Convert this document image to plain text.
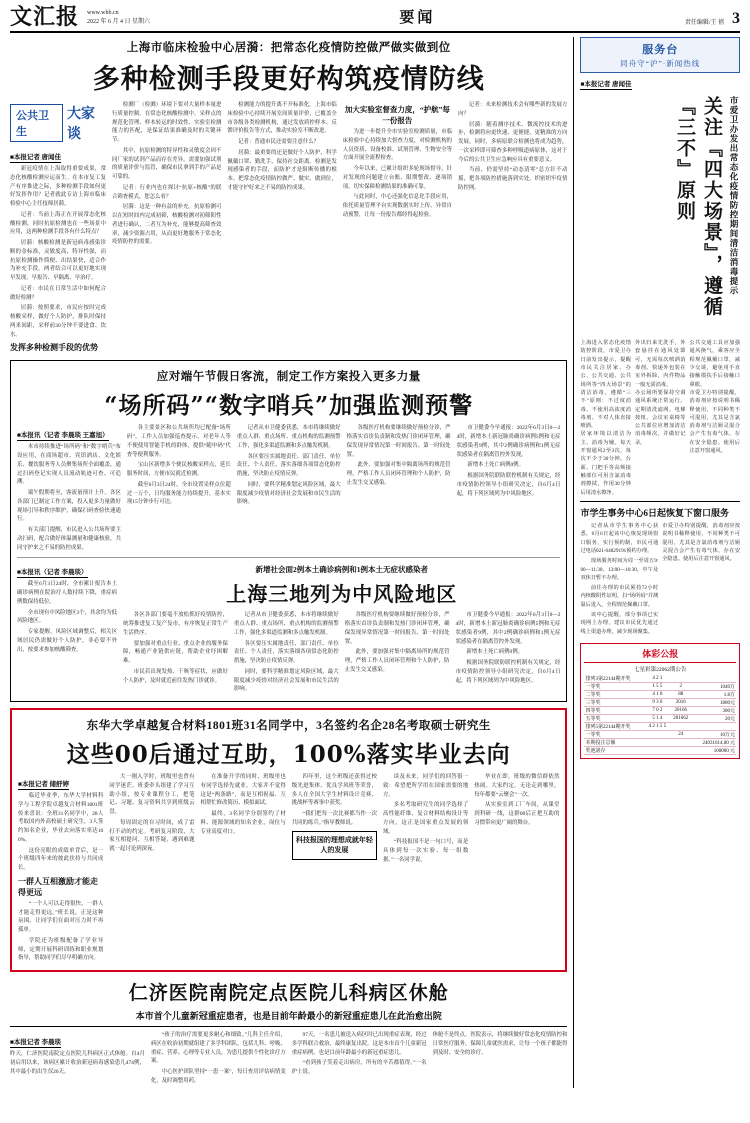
文汇报 www.whb.cn
2022 年 6 月 4 日 星期六	要闻	责任编辑/王 禧 3
上海市临床检验中心居漪：把常态化疫情防控做严做实做到位
多种检测手段更好构筑疫情防线
公共卫生
大家谈
■本报记者 唐闻佳

新冠疫情在上海取得重要成果，常态化核酸检测应运而生。在本市复工复产有序推进之际，多种检测手段如何更好发挥作用？记者就此专访上海市临床检验中心主任技师居漪。

记者：当前上海正在开展常态化核酸检测，同时抗原检测也在一些场景中应用，这两种检测手段各有什么特点？

居漪：核酸检测是新冠病毒感染诊断的金标准，灵敏度高、特异性强，而抗原检测操作简便、出结果快，适合作为补充手段。两者结合可以更好地实现早发现、早报告、早隔离、早治疗。

记者：市民在日常生活中如何配合做好检测？

居漪：按照要求，市民应按时完成核酸采样，做好个人防护，排队时保持两米间距，采样前30分钟不要进食、饮水。

发挥多种检测手段的优势

检测厂（检测）环境下要对大量样本量进行质量控制。在常态化核酸检测中，采样点的规范化管理、样本转运的时效性、实验室检测能力的匹配，是保证结果准确及时的关键环节。

其中，抗原检测的特异性和灵敏度会因不同厂家的试剂产品而存在差异，需要加强试剂的质量评价与监管，确保市民拿到手的产品是可靠的。

记者：行业内也在探讨“抗原+核酸”的联合筛查模式，您怎么看？

居漪：这是一种有益的补充。抗原检测可以在短时间内完成初筛，核酸检测对初筛阳性者进行确认，二者互为补充，能够提高筛查效率，减少资源占用，从而更好地服务于常态化疫情防控的需要。

检测能力的提升离不开标准化。上海市临床检验中心持续开展室间质量评价，已覆盖全市各级各类检测机构，通过发放质控样本、反馈评价报告等方式，推动实验室不断改进。

记者：普通市民还需要注意什么？

居漪：最重要的还是做好个人防护，科学佩戴口罩、勤洗手、保持社交距离。检测是发现感染者的手段，而防护才是阻断传播的根本。把常态化疫情防控做严、做实、做到位，才能守护好来之不易的防控成果。

加大实验室督查力度，“护航”每一份报告

为进一步提升全市实验室检测质量，市临床检验中心持续加大督查力度，对检测机构的人员资质、设备校准、试剂管理、生物安全等方面开展全流程检查。

今年以来，已累计组织多轮现场督导，针对发现的问题建立台账、限期整改、逐项销项，切实保障检测结果的准确可靠。

与此同时，中心还强化信息化手段应用，依托质量管理平台实现数据实时上传、异常自动预警，让每一份报告都经得起检验。

记者：未来检测技术会有哪些新的发展方向？

居漪：随着测序技术、微流控技术的进步，检测将向更快速、更便捷、更精准的方向发展。同时，多病原联合检测也将成为趋势，一次采样即可筛查多种呼吸道病原体，这对于今后的公共卫生应急响应具有重要意义。

当前，仍需坚持“动态清零”总方针不动摇，把各项防控措施落到实处，织密织牢疫情防控网。

应对端午节假日客流，制定工作方案投入更多力量
“场所码”“数字哨兵”加强监测预警
■本报讯（记者 李晨琰 王嘉旭）

本市持续推进“场所码”和“数字哨兵”布设应用，在商场超市、宾馆酒店、文化娱乐、餐饮服务等人员聚集场所全面覆盖，通过扫码登记实现人员流动轨迹可查、可追溯。

端午假期将至，客流量预计上升。各区各部门已制定工作方案，投入更多力量做好现场引导和秩序维护，确保扫码查验快速通行。

有关部门提醒，市民进入公共场所要主动扫码，配合做好体温测量和健康核验，共同守护来之不易的防控成果。

各主要景区和公共场所均已配备“场所码”，工作人员加强巡查提示，对老年人等不便使用智能手机的群体，提供“随申码”代查等便利服务。

宝山区新增多个便民核酸采样点，延长服务时间，方便市民就近检测。

截至6月3日24时，全市设置采样点位超过一万个，日均服务能力持续提升，基本实现15分钟步行可达。

记者从市卫健委获悉，本市将继续做好重点人群、重点场所、重点机构的监测预警工作，强化多渠道监测和多点触发机制。

各区要压实属地责任、部门责任、单位责任、个人责任，落实落细各项常态化防控措施，坚决防止疫情反弹。

同时，要科学精准划定风险区域，最大限度减少疫情对经济社会发展和市民生活的影响。

各级医疗机构要继续做好预检分诊，严格落实首诊负责制和发热门诊闭环管理，确保发现异常情况第一时间报告、第一时间处置。

此外，要加强对集中隔离场所的规范管理，严格工作人员闭环管理和个人防护，防止发生交叉感染。

市卫健委今早通报：2022年6月3日0—24时，新增本土新冠肺炎确诊病例5例和无症状感染者9例，其中2例确诊病例和1例无症状感染者在隔离管控外发现。

新增本土死亡病例0例。

根据国务院联防联控机制有关规定，经市疫情防控领导小组研究决定，自6月4日起，将下列区域列为中风险地区。

■本报讯（记者 李晨琰）

截至6月3日24时，全市累计报告本土确诊病例在院治疗人数持续下降，重症病例数保持低位。

全市现有中风险地区3个，其余均为低风险地区。

专家提醒，风险区域调整后，相关区域居民仍需做好个人防护，非必要不外出，按要求参加核酸筛查。

新增社会面2例本土确诊病例和1例本土无症状感染者
上海三地列为中风险地区

各区各部门要毫不放松抓好疫情防控，统筹推进复工复产复市，有序恢复正常生产生活秩序。

要加强对重点行业、重点企业的服务保障，畅通产业链供应链，帮助企业纾困解难。

市民若出现发热、干咳等症状，应做好个人防护，及时就近前往发热门诊就诊。

记者从市卫健委获悉，本市将继续做好重点人群、重点场所、重点机构的监测预警工作，强化多渠道监测和多点触发机制。

各区要压实属地责任、部门责任、单位责任、个人责任，落实落细各项常态化防控措施，坚决防止疫情反弹。

同时，要科学精准划定风险区域，最大限度减少疫情对经济社会发展和市民生活的影响。

各级医疗机构要继续做好预检分诊，严格落实首诊负责制和发热门诊闭环管理，确保发现异常情况第一时间报告、第一时间处置。

此外，要加强对集中隔离场所的规范管理，严格工作人员闭环管理和个人防护，防止发生交叉感染。

市卫健委今早通报：2022年6月3日0—24时，新增本土新冠肺炎确诊病例5例和无症状感染者9例，其中2例确诊病例和1例无症状感染者在隔离管控外发现。

新增本土死亡病例0例。

根据国务院联防联控机制有关规定，经市疫情防控领导小组研究决定，自6月4日起，将下列区域列为中风险地区。

东华大学卓越复合材料1801班31名同学中，3名签约名企28名考取硕士研究生
这些00后通过互助，100%落实毕业去向
■本报记者 储舒婷

临近毕业季，东华大学材料科学与工程学院卓越复合材料1801班传来喜讯：全班31名同学中，28人考取国内外高校硕士研究生，3人签约知名企业，毕业去向落实率达100%。

这份亮眼的成绩单背后，是一个班级四年来的彼此扶持与共同成长。

一群人互相激励才能走得更远

“一个人可以走得很快，一群人才能走得更远。”班长说，正是这种氛围，让同学们在面对压力时不再孤单。

学院还为班级配备了学业导师，定期开展科研训练和职业规划指导，帮助同学们尽早明确方向。

大一刚入学时，班级里也曾有同学迷茫。班委牵头组建了学习互助小组，按专业课程分工，把笔记、习题、复习资料共享到班级云盘。

每周固定的自习时间，成了雷打不动的约定。考研复习阶段，大家互相提问、互相答疑，遇到难题就一起讨论到深夜。

在准备升学的同时，班级里也有同学选择先就业。大家并不觉得这是“两条路”，而是互相祝福、互相帮忙修改简历、模拟面试。

最终，3名同学分别签约了材料、能源领域的知名企业，岗位与专业高度对口。

四年里，这个班级还获得过校级先进集体、优良学风班等荣誉，多人在全国大学生材料设计竞赛、挑战杯等赛事中获奖。

“我们把每一次比赛都当作一次共同的练兵。”指导教师说。

科技报国的理想成就年轻人的发展

谈及未来，同学们的回答很一致：希望把所学用在国家需要的地方。

多名考取研究生的同学选择了高性能纤维、复合材料结构设计等方向，这正是国家重点发展的领域。

“科技报国不是一句口号，而是具体到每一次实验、每一组数据。”一名同学说。

毕业在即，班级的微信群依然热闹。大家约定，无论走到哪里，每年都要“云聚会”一次。

从实验室到工厂车间，从课堂到科研一线，这群00后正把互助的习惯带向更广阔的舞台。

仁济医院南院定点医院儿科病区休舱
本市首个儿童新冠重症患者，也是目前年龄最小的新冠重症患儿在此治愈出院
■本报记者 李晨琰
昨天，仁济医院南院定点医院儿科病区正式休舱。自4月初启用以来，该病区累计收治新冠病毒感染患儿474例，其中最小的出生仅26天。

“孩子的治疗需要更多耐心和细致。”儿科主任介绍，病区在收治初期就组建了多学科团队，包括儿科、呼吸、重症、营养、心理等专业人员，为患儿提供个性化诊疗方案。

中心医护团队坚持“一患一案”，每日查房评估病情变化，及时调整用药。

97天，一名患儿被送入病区时已出现重症表现，经过多学科联合救治，最终康复出院。这是本市首个儿童新冠重症病例，也是目前年龄最小的新冠重症患儿。

“看到孩子笑着走出病房，所有的辛苦都值得。”一名护士说。

休舱不是终点。医院表示，将继续做好常态化疫情防控和日常医疗服务，保障儿童就医需求，让每一个孩子都能得到及时、安全的诊疗。
服务台
同舟守“沪”·新闻热线
■本报记者 唐闻佳
关注『四大场景』，遵循『三不』原则	市爱卫办发出常态化疫情防控期间清洁消毒提示
上海进入常态化疫情防控阶段，市爱卫办日前发出提示，提醒市民关注居家、办公、公共交通、公共场所等“四大场景”的清洁消毒，遵循“三不”原则：不过度消毒、不使用高浓度消毒剂、不对人体直接喷洒。
居家环境以清洁为主、消毒为辅。每天开窗通风2至3次，每次不少于30分钟。台面、门把手等高频接触部位可用含氯消毒剂擦拭，作用30分钟后用清水擦净。
外出归来先洗手，外套悬挂在通风处即可，无需每次喷洒消毒剂。快递外包装在室外拆除，内件物品一般无需消毒。
办公场所要保持空调通风系统正常运行，定期清洗滤网。电梯按钮、会议室桌椅等公共部位应增加清洁消毒频次，并做好记录。
公共交通工具应加强通风换气，乘客应全程规范佩戴口罩，减少交谈，避免用手直接触摸扶手后接触口鼻眼。
市爱卫办特别提醒，消毒剂应按说明书稀释使用，不同种类不可混用，尤其是含氯消毒剂与洁厕灵混合会产生有毒气体，存在安全隐患。使用后注意开窗通风。
市学生事务中心6日起恢复下窗口服务

记者从市学生事务中心获悉，6月6日起该中心恢复现场窗口服务，实行预约制，市民可通过电话021-64829191预约办理。

现场服务时间为周一至周五9:00—11:30、13:00—16:30，中午及双休日暂不办理。

前往办理的市民须持72小时内核酸阴性证明，扫“场所码”并测温后进入，全程规范佩戴口罩。

该中心提醒，部分事项已实现网上办理，建议市民优先通过线上渠道办理，减少现场聚集。

市爱卫办特别提醒，消毒剂应按说明书稀释使用，不同种类不可混用，尤其是含氯消毒剂与洁厕灵混合会产生有毒气体，存在安全隐患。使用后注意开窗通风。
体彩公报
七星彩第22062期公告
排列3第22144期开奖	4 2 1		
一等奖	1 5 5	2	1040万
二等奖	4 1 0	88	1.8万
三等奖	9 3 6	2016	1800元
四等奖	7 0 2	20166	300元
五等奖	5 1 4	201662	20元
排列5第22144期开奖	4 2 1 5 5		
一等奖		24	10万元
本期投注总额			24031614.00 元
奖池滚存			100000 元
